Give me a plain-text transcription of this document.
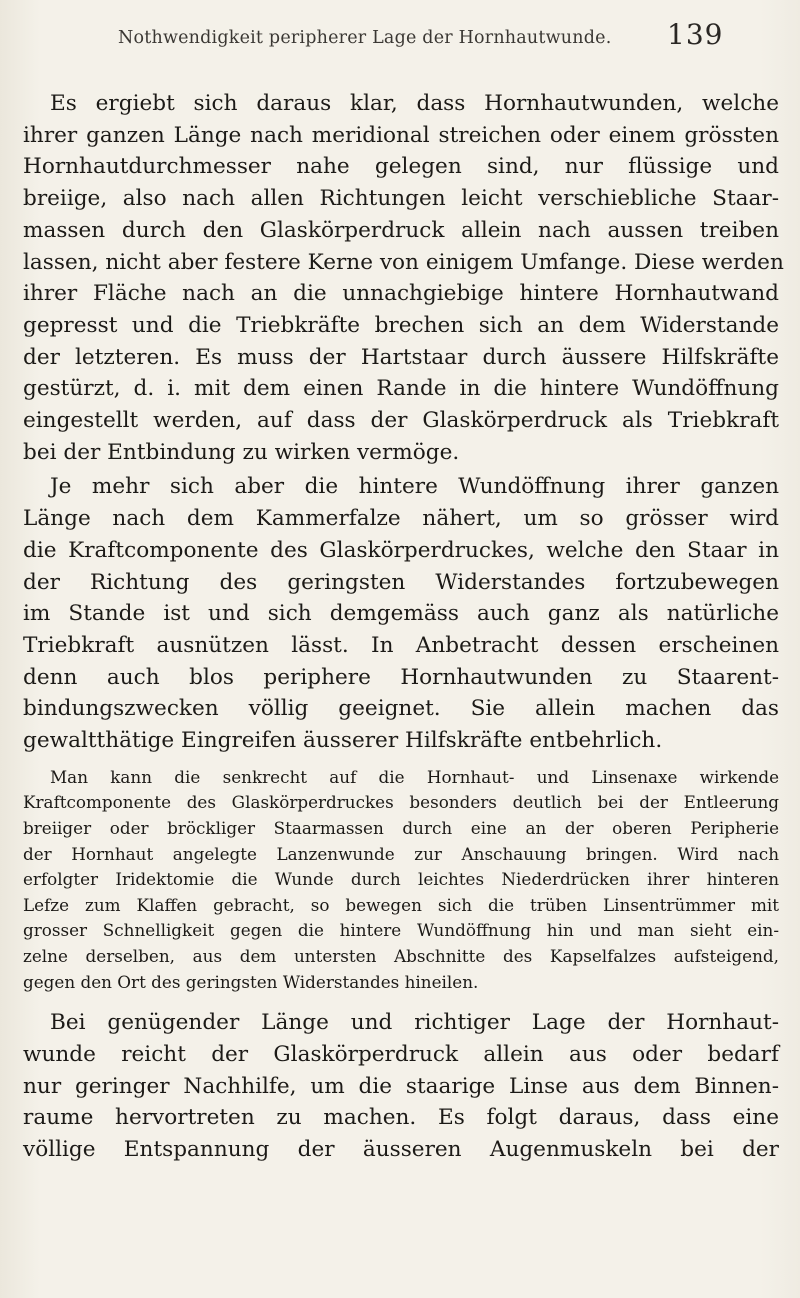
Nothwendigkeit peripherer Lage der Hornhautwunde. 139

Es ergiebt sich daraus klar, dass Hornhautwunden, welche
ihrer ganzen Länge nach meridional streichen oder einem grössten
Hornhautdurchmesser nahe gelegen sind, nur flüssige und
breiige, also nach allen Richtungen leicht verschiebliche Staar-
massen durch den Glaskörperdruck allein nach aussen treiben
lassen, nicht aber festere Kerne von einigem Umfange. Diese werden
ihrer Fläche nach an die unnachgiebige hintere Hornhautwand
gepresst und die Triebkräfte brechen sich an dem Widerstande
der letzteren. Es muss der Hartstaar durch äussere Hilfskräfte
gestürzt, d. i. mit dem einen Rande in die hintere Wundöffnung
eingestellt werden, auf dass der Glaskörperdruck als Triebkraft
bei der Entbindung zu wirken vermöge.

Je mehr sich aber die hintere Wundöffnung ihrer ganzen
Länge nach dem Kammerfalze nähert, um so grösser wird
die Kraftcomponente des Glaskörperdruckes, welche den Staar in
der Richtung des geringsten Widerstandes fortzubewegen
im Stande ist und sich demgemäss auch ganz als natürliche
Triebkraft ausnützen lässt. In Anbetracht dessen erscheinen
denn auch blos periphere Hornhautwunden zu Staarent-
bindungszwecken völlig geeignet. Sie allein machen das
gewaltthätige Eingreifen äusserer Hilfskräfte entbehrlich.

Man kann die senkrecht auf die Hornhaut- und Linsenaxe wirkende
Kraftcomponente des Glaskörperdruckes besonders deutlich bei der Entleerung
breiiger oder bröckliger Staarmassen durch eine an der oberen Peripherie
der Hornhaut angelegte Lanzenwunde zur Anschauung bringen. Wird nach
erfolgter Iridektomie die Wunde durch leichtes Niederdrücken ihrer hinteren
Lefze zum Klaffen gebracht, so bewegen sich die trüben Linsentrümmer mit
grosser Schnelligkeit gegen die hintere Wundöffnung hin und man sieht ein-
zelne derselben, aus dem untersten Abschnitte des Kapselfalzes aufsteigend,
gegen den Ort des geringsten Widerstandes hineilen.

Bei genügender Länge und richtiger Lage der Hornhaut-
wunde reicht der Glaskörperdruck allein aus oder bedarf
nur geringer Nachhilfe, um die staarige Linse aus dem Binnen-
raume hervortreten zu machen. Es folgt daraus, dass eine
völlige Entspannung der äusseren Augenmuskeln bei der
